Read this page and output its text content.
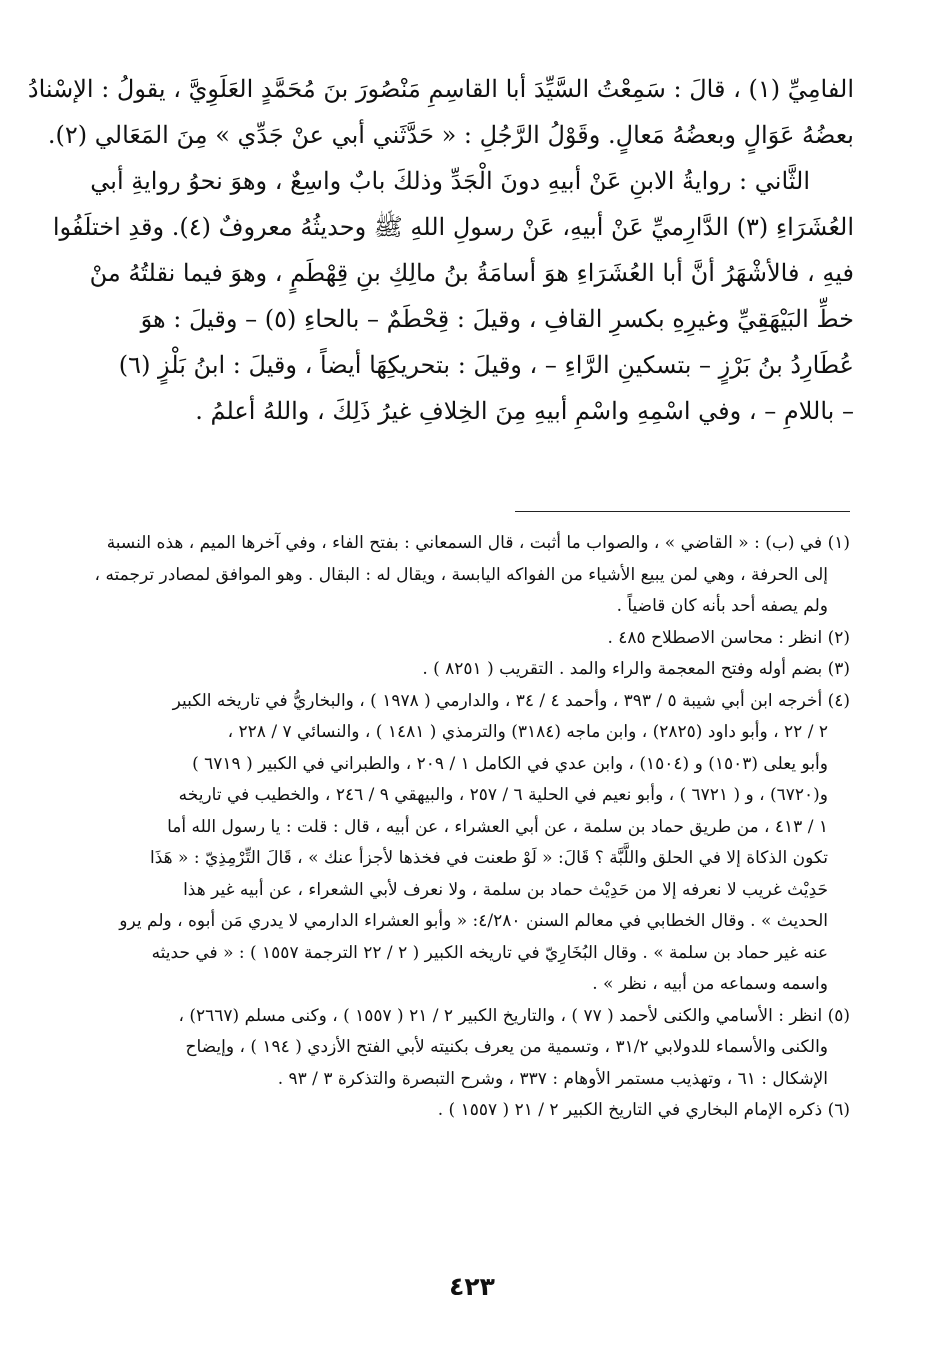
الفامِيِّ (١) ، قالَ : سَمِعْتُ السَّيِّدَ أبا القاسِمِ مَنْصُورَ بنَ مُحَمَّدٍ العَلَوِيَّ ، يقولُ : الإسْنادُ
بعضُهُ عَوَالٍ وبعضُهُ مَعالٍ. وقَوْلُ الرَّجُلِ : « حَدَّثَني أبي عنْ جَدِّي » مِنَ المَعَالي (٢).
الثَّاني : روايةُ الابنِ عَنْ أبيهِ دونَ الْجَدِّ وذلكَ بابٌ واسِعٌ ، وهوَ نحوُ روايةِ أبي
العُشَرَاءِ (٣) الدَّارِميِّ عَنْ أبيهِ، عَنْ رسولِ اللهِ ﷺ وحديثُهُ معروفٌ (٤). وقدِ اختلَفُوا
فيهِ ، فالأشْهَرُ أنَّ أبا العُشَرَاءِ هوَ أسامَةُ بنُ مالِكِ بنِ قِهْطَمٍ ، وهوَ فيما نقلتُهُ منْ
خطِّ البَيْهَقِيِّ وغيرِهِ بكسرِ القافِ ، وقيلَ : قِحْطَمٌ – بالحاءِ (٥) – وقيلَ : هوَ
عُطَارِدُ بنُ بَرْزٍ – بتسكينِ الرَّاءِ – ، وقيلَ : بتحريكِهَا أيضاً ، وقيلَ : ابنُ بَلْزٍ (٦)
– باللامِ – ، وفي اسْمِهِ واسْمِ أبيهِ مِنَ الخِلافِ غيرُ ذَلِكَ ، واللهُ أعلمُ .
(١) في (ب) : « القاضي » ، والصواب ما أثبت ، قال السمعاني : بفتح الفاء ، وفي آخرها الميم ، هذه النسبة
إلى الحرفة ، وهي لمن يبيع الأشياء من الفواكه اليابسة ، ويقال له : البقال . وهو الموافق لمصادر ترجمته ،
ولم يصفه أحد بأنه كان قاضياً .
(٢) انظر : محاسن الاصطلاح ٤٨٥ .
(٣) بضم أوله وفتح المعجمة والراء والمد . التقريب ( ٨٢٥١ ) .
(٤) أخرجه ابن أبي شيبة ٥ / ٣٩٣ ، وأحمد ٤ / ٣٤ ، والدارمي ( ١٩٧٨ ) ، والبخاريُّ في تاريخه الكبير
٢ / ٢٢ ، وأبو داود (٢٨٢٥) ، وابن ماجه (٣١٨٤) والترمذي ( ١٤٨١ ) ، والنسائي ٧ / ٢٢٨ ،
وأبو يعلى (١٥٠٣) و (١٥٠٤) ، وابن عدي في الكامل ١ / ٢٠٩ ، والطبراني في الكبير ( ٦٧١٩ )
و(٦٧٢٠) ، و ( ٦٧٢١ ) ، وأبو نعيم في الحلية ٦ / ٢٥٧ ، والبيهقي ٩ / ٢٤٦ ، والخطيب في تاريخه
١ / ٤١٣ ، من طريق حماد بن سلمة ، عن أبي العشراء ، عن أبيه ، قال : قلت : يا رسول الله أما
تكون الذكاة إلا في الحلق واللَّبَّة ؟ قَالَ: « لَوْ طعنت في فخذها لأجزأ عنك » ، قَالَ التِّرْمِذِيّ : « هَذَا
حَدِيْث غريب لا نعرفه إلا من حَدِيْث حماد بن سلمة ، ولا نعرف لأبي الشعراء ، عن أبيه غير هذا
الحديث » . وقال الخطابي في معالم السنن ٤/٢٨٠: « وأبو العشراء الدارمي لا يدري مَن أبوه ، ولم يرو
عنه غير حماد بن سلمة » . وقال البُخَارِيّ في تاريخه الكبير ( ٢ / ٢٢ الترجمة ١٥٥٧ ) : « في حديثه
واسمه وسماعه من أبيه ، نظر » .
(٥) انظر : الأسامي والكنى لأحمد ( ٧٧ ) ، والتاريخ الكبير ٢ / ٢١ ( ١٥٥٧ ) ، وكنى مسلم (٢٦٦٧) ،
والكنى والأسماء للدولابي ٣١/٢ ، وتسمية من يعرف بكنيته لأبي الفتح الأزدي ( ١٩٤ ) ، وإيضاح
الإشكال : ٦١ ، وتهذيب مستمر الأوهام : ٣٣٧ ، وشرح التبصرة والتذكرة ٣ / ٩٣ .
(٦) ذكره الإمام البخاري في التاريخ الكبير ٢ / ٢١ ( ١٥٥٧ ) .
٤٢٣
